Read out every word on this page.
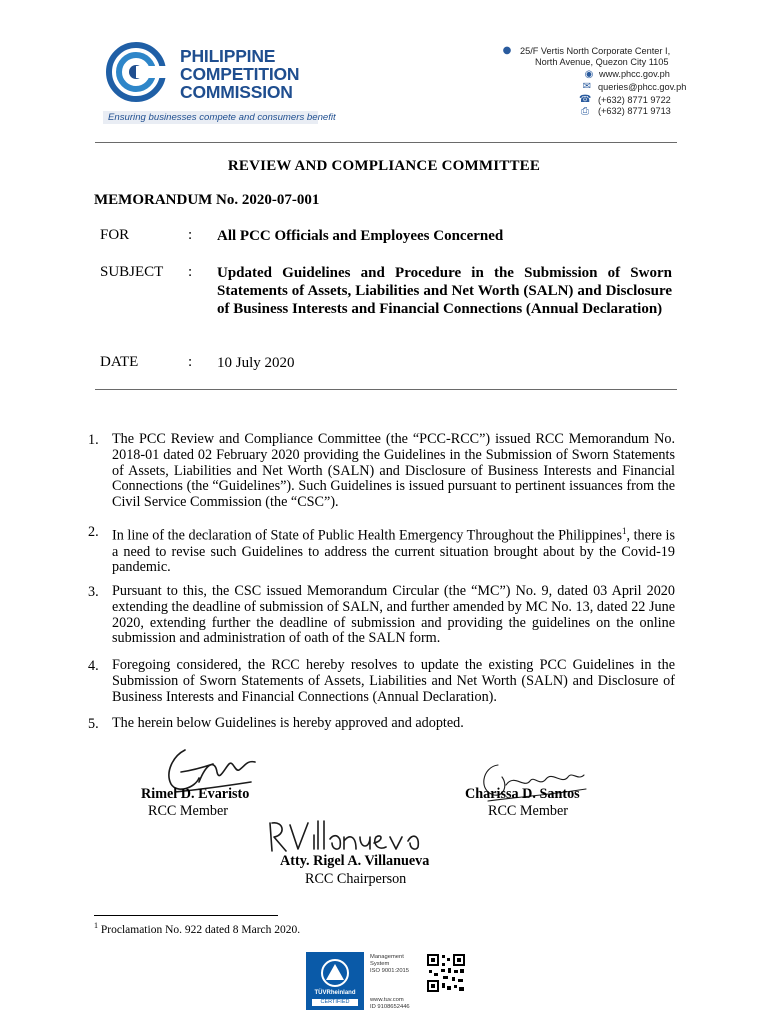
PHILIPPINE
COMPETITION
COMMISSION
Ensuring businesses compete and consumers benefit
● 25/F Vertis North Corporate Center I,
North Avenue, Quezon City 1105
◉ www.phcc.gov.ph
✉ queries@phcc.gov.ph
☎ (+632) 8771 9722
⎙ (+632) 8771 9713
REVIEW AND COMPLIANCE COMMITTEE
MEMORANDUM No. 2020-07-001
FOR	: All PCC Officials and Employees Concerned
SUBJECT : Updated Guidelines and Procedure in the Submission of Sworn Statements of Assets, Liabilities and Net Worth (SALN) and Disclosure of Business Interests and Financial Connections (Annual Declaration)
DATE	: 10 July 2020
1. The PCC Review and Compliance Committee (the “PCC-RCC”) issued RCC Memorandum No. 2018-01 dated 02 February 2020 providing the Guidelines in the Submission of Sworn Statements of Assets, Liabilities and Net Worth (SALN) and Disclosure of Business Interests and Financial Connections (the “Guidelines”). Such Guidelines is issued pursuant to pertinent issuances from the Civil Service Commission (the “CSC”).
2. In line of the declaration of State of Public Health Emergency Throughout the Philippines$^1$, there is a need to revise such Guidelines to address the current situation brought about by the Covid-19 pandemic.
3. Pursuant to this, the CSC issued Memorandum Circular (the “MC”) No. 9, dated 03 April 2020 extending the deadline of submission of SALN, and further amended by MC No. 13, dated 22 June 2020, extending further the deadline of submission and providing the guidelines on the online submission and administration of oath of the SALN form.
4. Foregoing considered, the RCC hereby resolves to update the existing PCC Guidelines in the Submission of Sworn Statements of Assets, Liabilities and Net Worth (SALN) and Disclosure of Business Interests and Financial Connections (Annual Declaration).
5. The herein below Guidelines is hereby approved and adopted.
Rimel D. Evaristo
RCC Member
Charissa D. Santos
RCC Member
Atty. Rigel A. Villanueva
RCC Chairperson
$^1$ Proclamation No. 922 dated 8 March 2020.
TÜVRheinland
CERTIFIED
Management
System
ISO 9001:2015
www.tuv.com
ID 9108652446
